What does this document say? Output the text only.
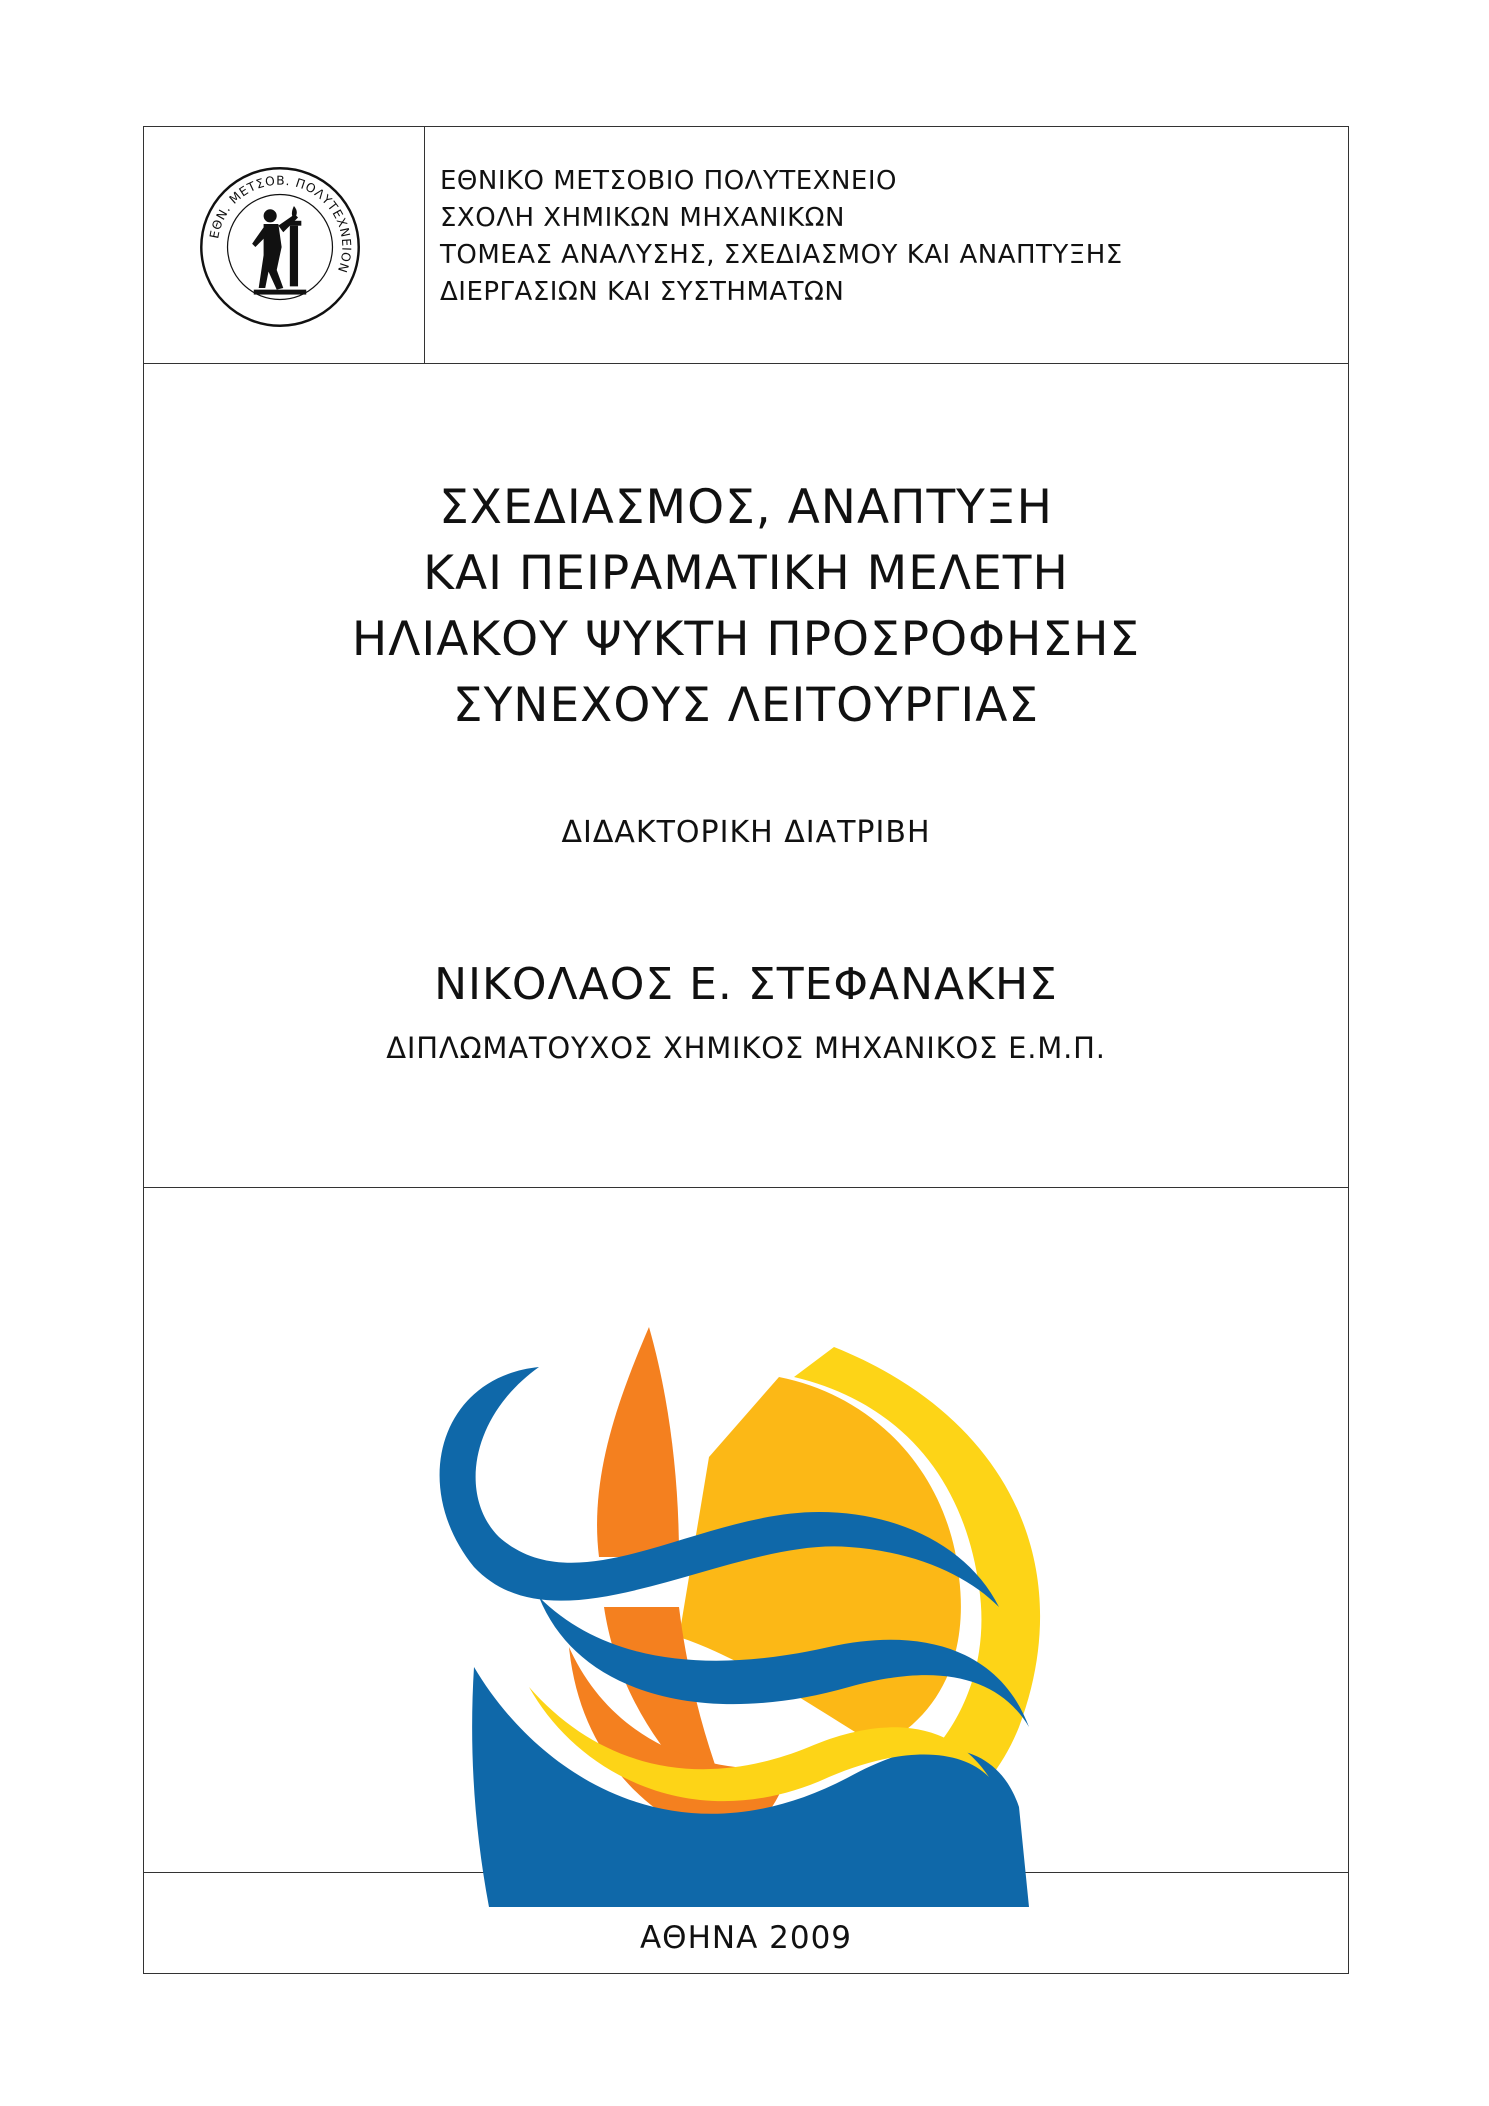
ΕΘΝ. ΜΕΤΣΟΒ. ΠΟΛΥΤΕΧΝΕΙΟΝ
ΕΘΝΙΚΟ ΜΕΤΣΟΒΙΟ ΠΟΛΥΤΕΧΝΕΙΟ
ΣΧΟΛΗ ΧΗΜΙΚΩΝ ΜΗΧΑΝΙΚΩΝ
ΤΟΜΕΑΣ ΑΝΑΛΥΣΗΣ, ΣΧΕΔΙΑΣΜΟΥ ΚΑΙ ΑΝΑΠΤΥΞΗΣ
ΔΙΕΡΓΑΣΙΩΝ ΚΑΙ ΣΥΣΤΗΜΑΤΩΝ
ΣΧΕΔΙΑΣΜΟΣ, ΑΝΑΠΤΥΞΗ
ΚΑΙ ΠΕΙΡΑΜΑΤΙΚΗ ΜΕΛΕΤΗ
ΗΛΙΑΚΟΥ ΨΥΚΤΗ ΠΡΟΣΡΟΦΗΣΗΣ
ΣΥΝΕΧΟΥΣ ΛΕΙΤΟΥΡΓΙΑΣ
ΔΙΔΑΚΤΟΡΙΚΗ ΔΙΑΤΡΙΒΗ
ΝΙΚΟΛΑΟΣ Ε. ΣΤΕΦΑΝΑΚΗΣ
ΔΙΠΛΩΜΑΤΟΥΧΟΣ ΧΗΜΙΚΟΣ ΜΗΧΑΝΙΚΟΣ Ε.Μ.Π.
ΑΘΗΝΑ 2009
